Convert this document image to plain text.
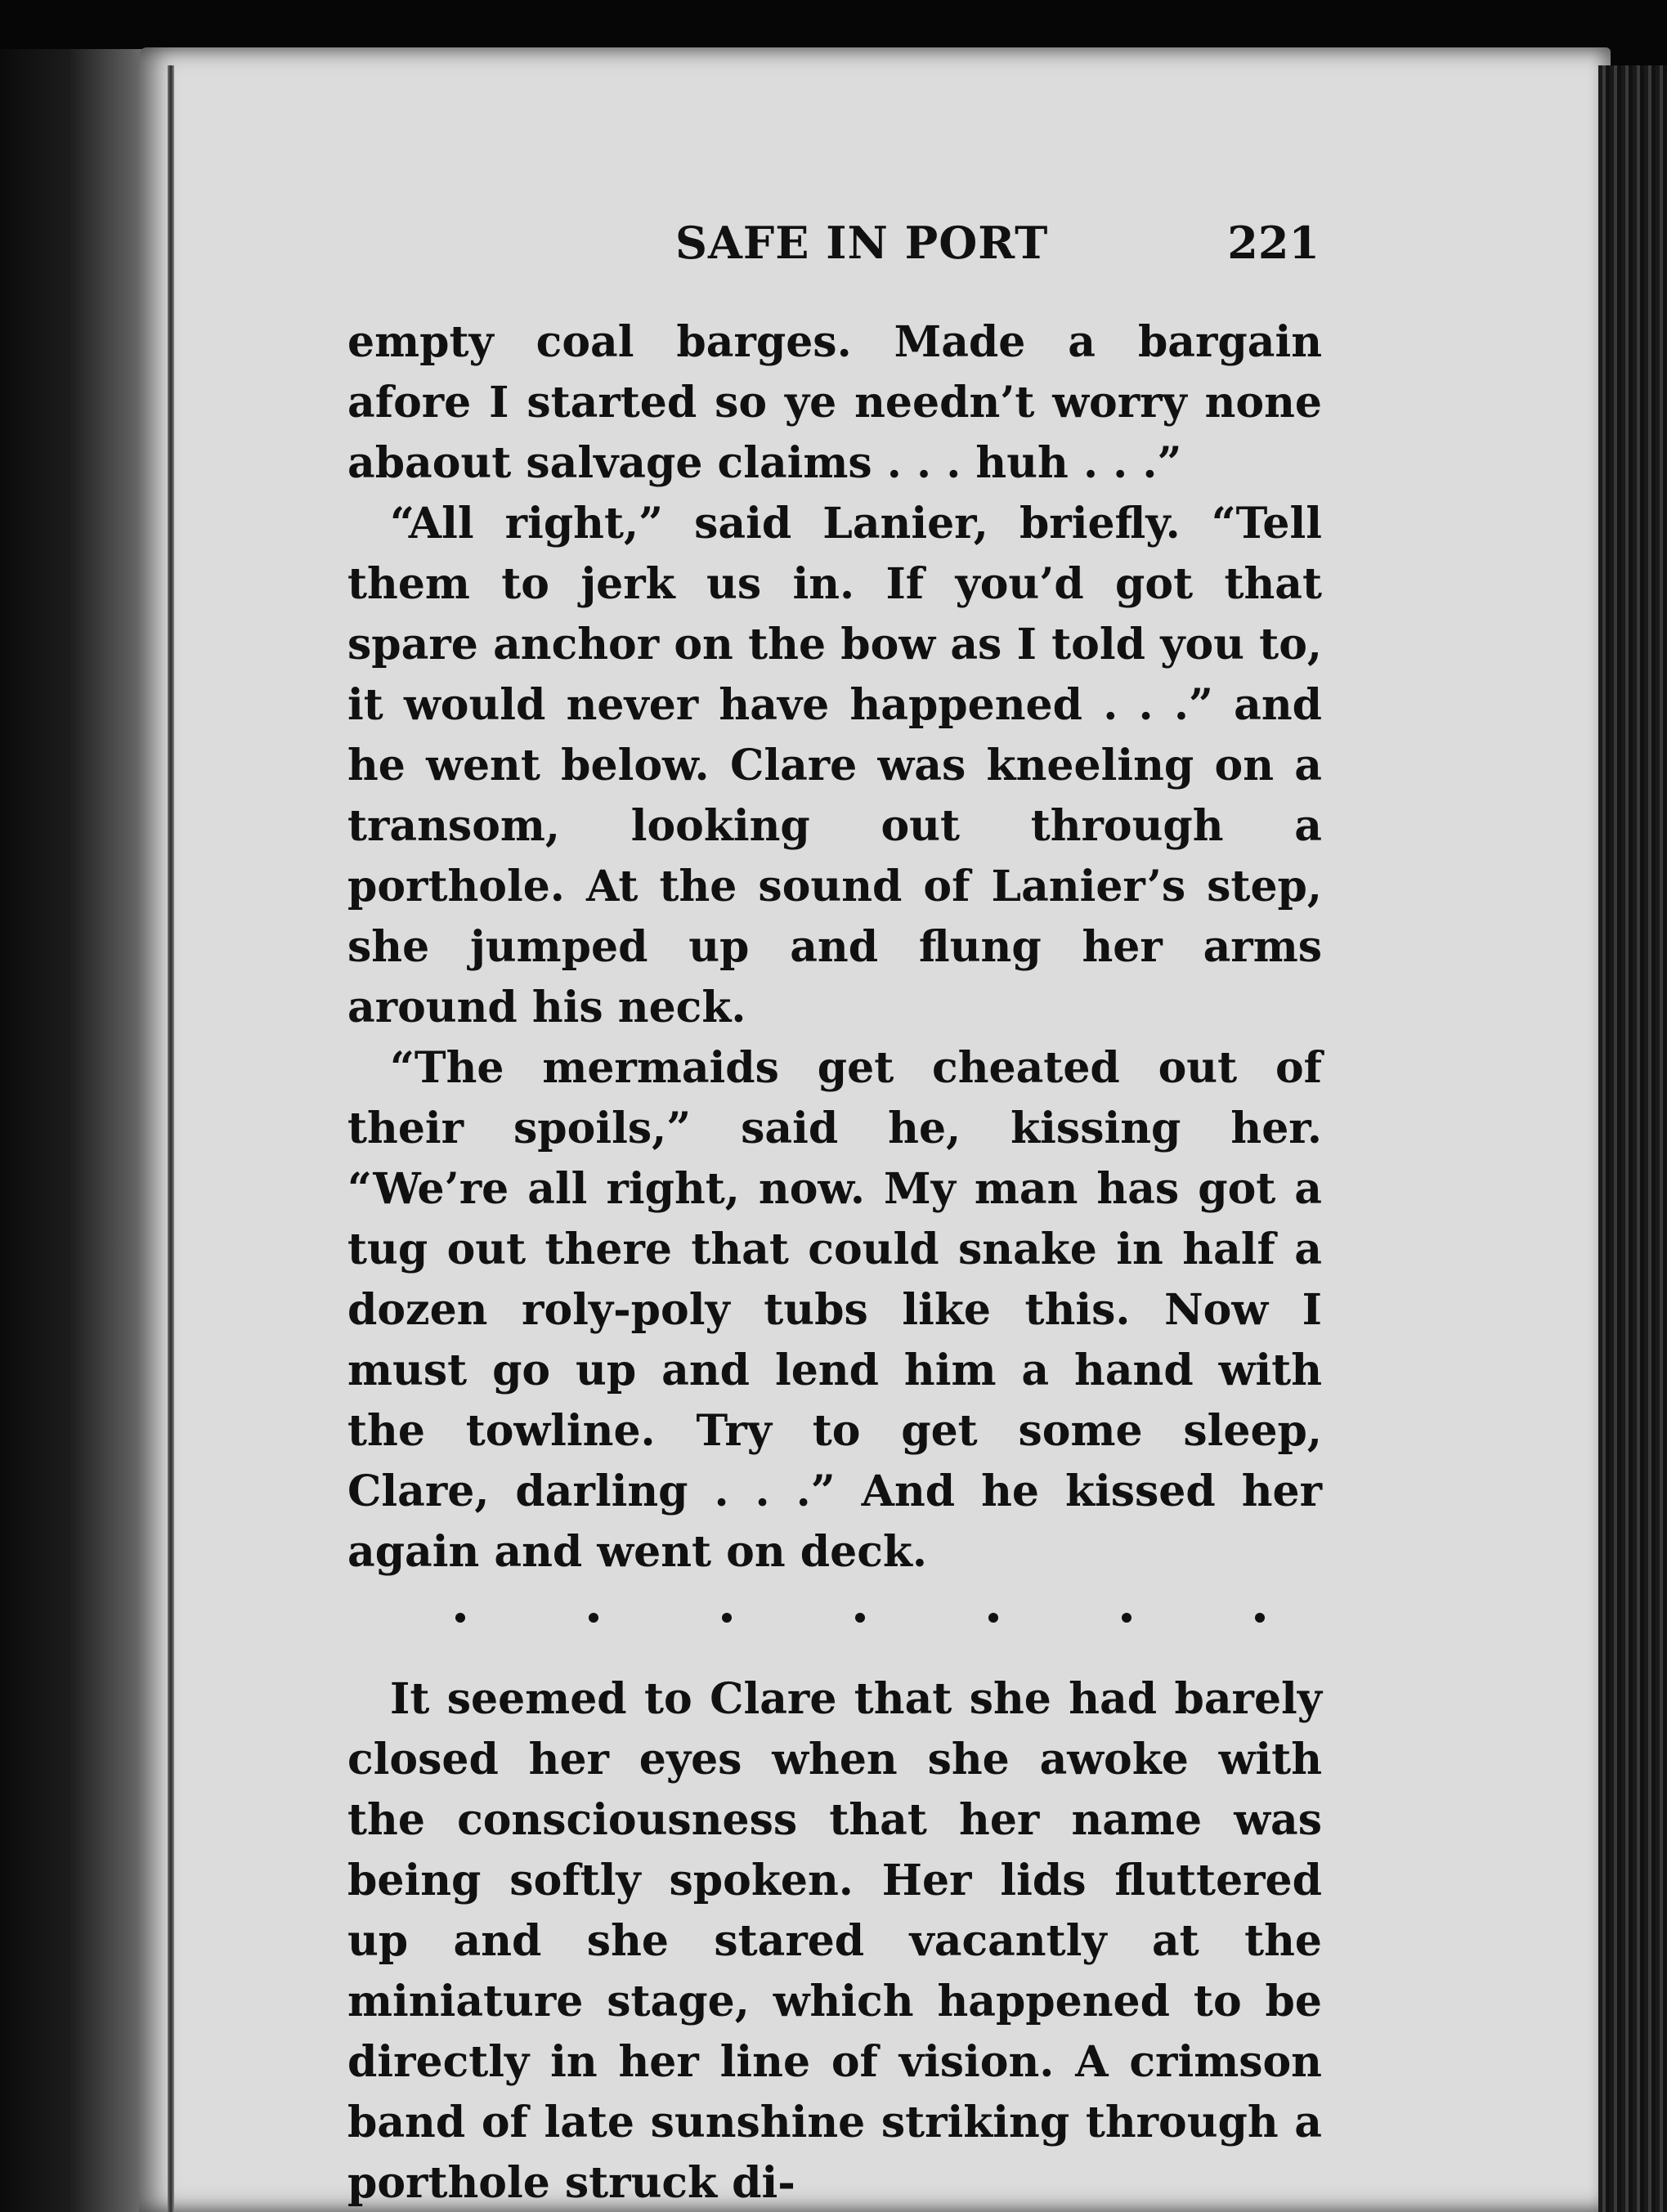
SAFE IN PORT	221

empty coal barges. Made a bargain afore I started so ye needn’t worry none abaout salvage claims . . . huh . . .”

“All right,” said Lanier, briefly. “Tell them to jerk us in. If you’d got that spare anchor on the bow as I told you to, it would never have happened . . .” and he went below. Clare was kneeling on a transom, looking out through a porthole. At the sound of Lanier’s step, she jumped up and flung her arms around his neck.

“The mermaids get cheated out of their spoils,” said he, kissing her. “We’re all right, now. My man has got a tug out there that could snake in half a dozen roly-poly tubs like this. Now I must go up and lend him a hand with the towline. Try to get some sleep, Clare, darling . . .” And he kissed her again and went on deck.

It seemed to Clare that she had barely closed her eyes when she awoke with the consciousness that her name was being softly spoken. Her lids fluttered up and she stared vacantly at the miniature stage, which happened to be directly in her line of vision. A crimson band of late sunshine striking through a porthole struck di-
